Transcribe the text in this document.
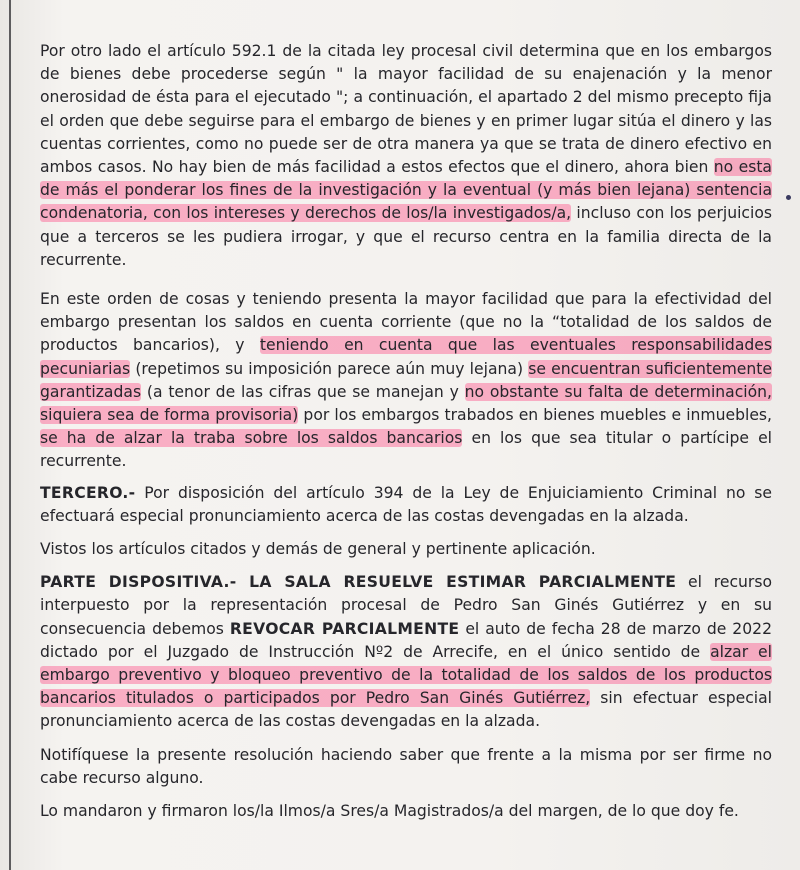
Por otro lado el artículo 592.1 de la citada ley procesal civil determina que en los embargos de bienes debe procederse según " la mayor facilidad de su enajenación y la menor onerosidad de ésta para el ejecutado "; a continuación, el apartado 2 del mismo precepto fija el orden que debe seguirse para el embargo de bienes y en primer lugar sitúa el dinero y las cuentas corrientes, como no puede ser de otra manera ya que se trata de dinero efectivo en ambos casos. No hay bien de más facilidad a estos efectos que el dinero, ahora bien no esta de más el ponderar los fines de la investigación y la eventual (y más bien lejana) sentencia condenatoria, con los intereses y derechos de los/la investigados/a, incluso con los perjuicios que a terceros se les pudiera irrogar, y que el recurso centra en la familia directa de la recurrente.

En este orden de cosas y teniendo presenta la mayor facilidad que para la efectividad del embargo presentan los saldos en cuenta corriente (que no la “totalidad de los saldos de productos bancarios), y teniendo en cuenta que las eventuales responsabilidades pecuniarias (repetimos su imposición parece aún muy lejana) se encuentran suficientemente garantizadas (a tenor de las cifras que se manejan y no obstante su falta de determinación, siquiera sea de forma provisoria) por los embargos trabados en bienes muebles e inmuebles, se ha de alzar la traba sobre los saldos bancarios en los que sea titular o partícipe el recurrente.

TERCERO.- Por disposición del artículo 394 de la Ley de Enjuiciamiento Criminal no se efectuará especial pronunciamiento acerca de las costas devengadas en la alzada.

Vistos los artículos citados y demás de general y pertinente aplicación.

PARTE DISPOSITIVA.- LA SALA RESUELVE ESTIMAR PARCIALMENTE el recurso interpuesto por la representación procesal de Pedro San Ginés Gutiérrez y en su consecuencia debemos REVOCAR PARCIALMENTE el auto de fecha 28 de marzo de 2022 dictado por el Juzgado de Instrucción Nº2 de Arrecife, en el único sentido de alzar el embargo preventivo y bloqueo preventivo de la totalidad de los saldos de los productos bancarios titulados o participados por Pedro San Ginés Gutiérrez, sin efectuar especial pronunciamiento acerca de las costas devengadas en la alzada.

Notifíquese la presente resolución haciendo saber que frente a la misma por ser firme no cabe recurso alguno.

Lo mandaron y firmaron los/la Ilmos/a Sres/a Magistrados/a del margen, de lo que doy fe.
